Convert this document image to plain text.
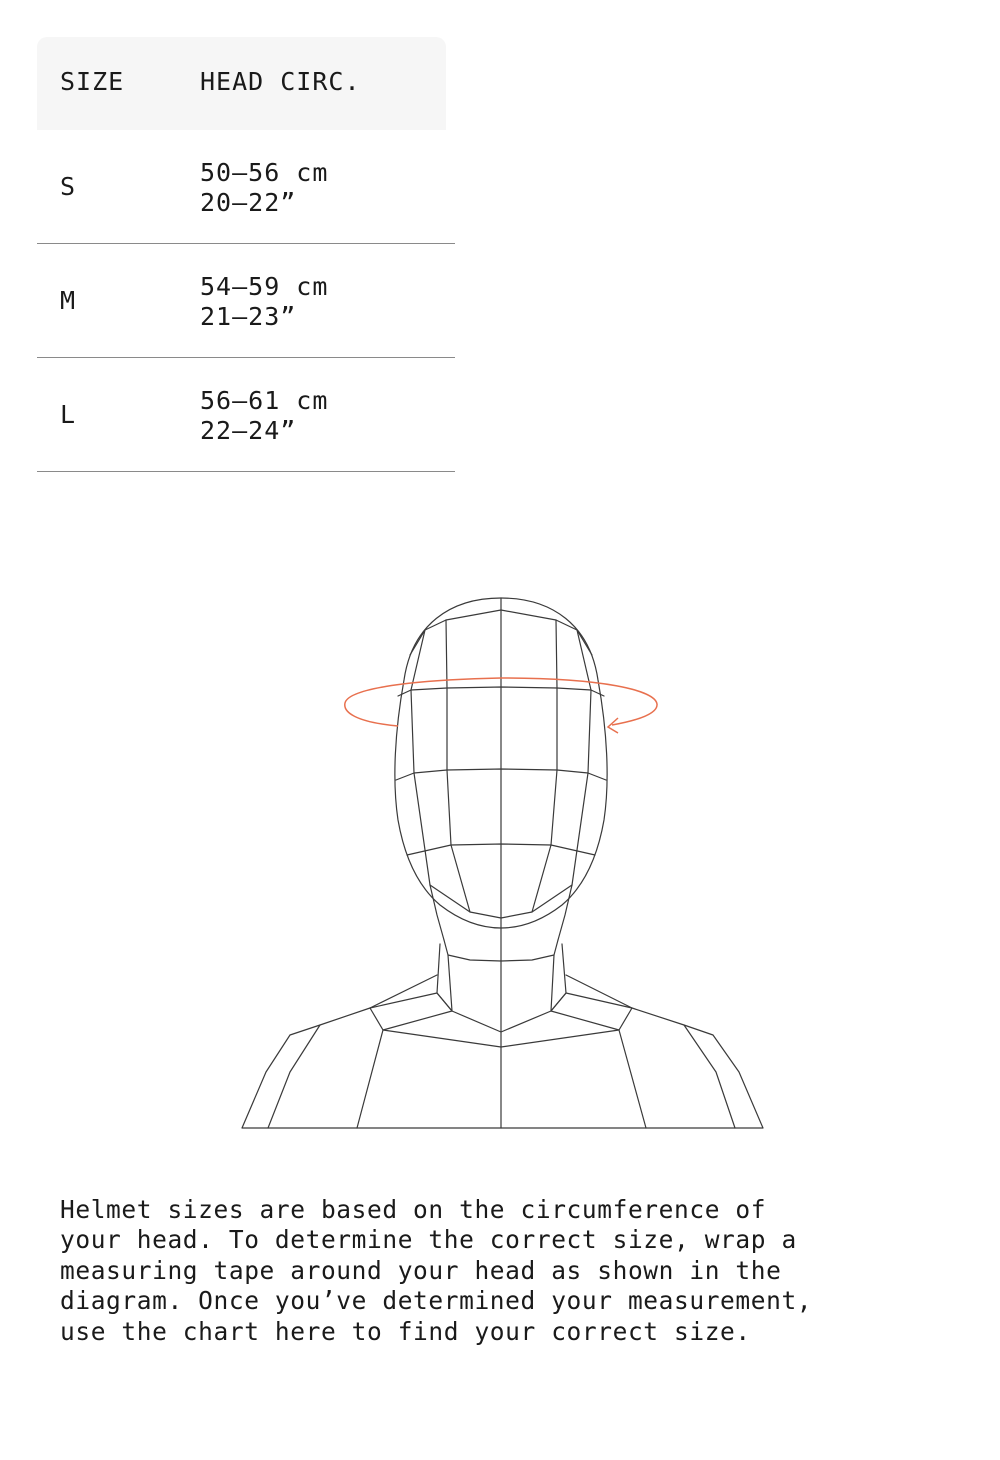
SIZE	HEAD CIRC.
S	50–56 cm
20–22”
M	54–59 cm
21–23”
L	56–61 cm
22–24”

Helmet sizes are based on the circumference of
your head. To determine the correct size, wrap a
measuring tape around your head as shown in the
diagram. Once you’ve determined your measurement,
use the chart here to find your correct size.
